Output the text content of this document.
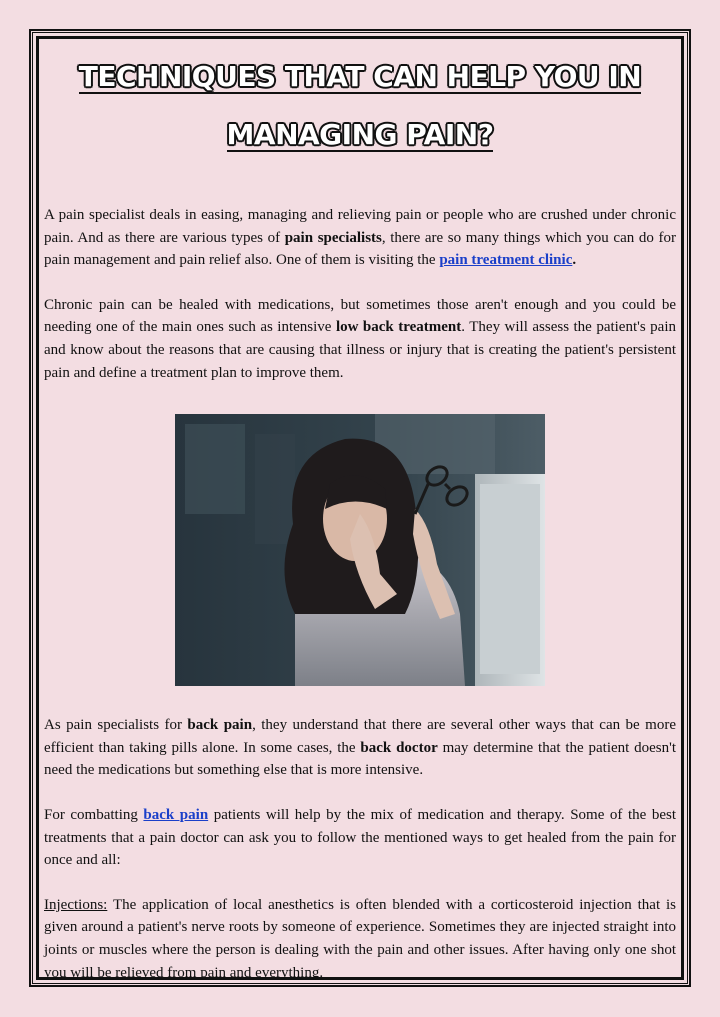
TECHNIQUES THAT CAN HELP YOU IN
MANAGING PAIN?

A pain specialist deals in easing, managing and relieving pain or people who are crushed under chronic pain. And as there are various types of pain specialists, there are so many things which you can do for pain management and pain relief also. One of them is visiting the pain treatment clinic.

Chronic pain can be healed with medications, but sometimes those aren't enough and you could be needing one of the main ones such as intensive low back treatment. They will assess the patient's pain and know about the reasons that are causing that illness or injury that is creating the patient's persistent pain and define a treatment plan to improve them.

As pain specialists for back pain, they understand that there are several other ways that can be more efficient than taking pills alone. In some cases, the back doctor may determine that the patient doesn't need the medications but something else that is more intensive.

For combatting back pain patients will help by the mix of medication and therapy. Some of the best treatments that a pain doctor can ask you to follow the mentioned ways to get healed from the pain for once and all:

Injections: The application of local anesthetics is often blended with a corticosteroid injection that is given around a patient's nerve roots by someone of experience. Sometimes they are injected straight into joints or muscles where the person is dealing with the pain and other issues. After having only one shot you will be relieved from pain and everything.
